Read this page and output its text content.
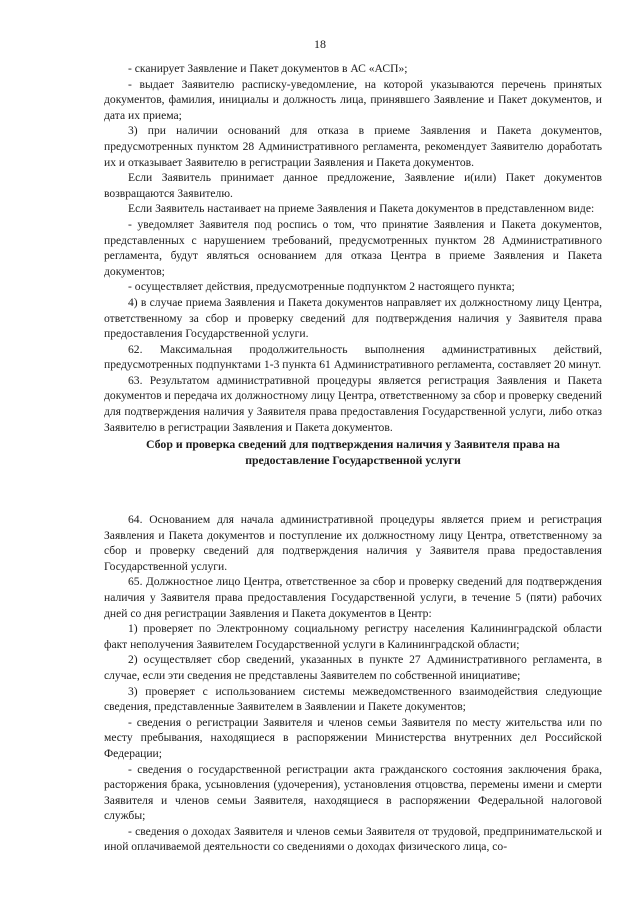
18

- сканирует Заявление и Пакет документов в АС «АСП»;

- выдает Заявителю расписку-уведомление, на которой указываются перечень принятых документов, фамилия, инициалы и должность лица, принявшего Заявление и Пакет документов, и дата их приема;

3) при наличии оснований для отказа в приеме Заявления и Пакета документов, предусмотренных пунктом 28 Административного регламента, рекомендует Заявителю доработать их и отказывает Заявителю в регистрации Заявления и Пакета документов.

Если Заявитель принимает данное предложение, Заявление и(или) Пакет документов возвращаются Заявителю.

Если Заявитель настаивает на приеме Заявления и Пакета документов в представленном виде:

- уведомляет Заявителя под роспись о том, что принятие Заявления и Пакета документов, представленных с нарушением требований, предусмотренных пунктом 28 Административного регламента, будут являться основанием для отказа Центра в приеме Заявления и Пакета документов;

- осуществляет действия, предусмотренные подпунктом 2 настоящего пункта;

4) в случае приема Заявления и Пакета документов направляет их должностному лицу Центра, ответственному за сбор и проверку сведений для подтверждения наличия у Заявителя права предоставления Государственной услуги.

62. Максимальная продолжительность выполнения административных действий, предусмотренных подпунктами 1-3 пункта 61 Административного регламента, составляет 20 минут.

63. Результатом административной процедуры является регистрация Заявления и Пакета документов и передача их должностному лицу Центра, ответственному за сбор и проверку сведений для подтверждения наличия у Заявителя права предоставления Государственной услуги, либо отказ Заявителю в регистрации Заявления и Пакета документов.

Сбор и проверка сведений для подтверждения наличия у Заявителя права на

предоставление Государственной услуги

64. Основанием для начала административной процедуры является прием и регистрация Заявления и Пакета документов и поступление их должностному лицу Центра, ответственному за сбор и проверку сведений для подтверждения наличия у Заявителя права предоставления Государственной услуги.

65. Должностное лицо Центра, ответственное за сбор и проверку сведений для подтверждения наличия у Заявителя права предоставления Государственной услуги, в течение 5 (пяти) рабочих дней со дня регистрации Заявления и Пакета документов в Центр:

1) проверяет по Электронному социальному регистру населения Калининградской области факт неполучения Заявителем Государственной услуги в Калининградской области;

2) осуществляет сбор сведений, указанных в пункте 27 Административного регламента, в случае, если эти сведения не представлены Заявителем по собственной инициативе;

3) проверяет с использованием системы межведомственного взаимодействия следующие сведения, представленные Заявителем в Заявлении и Пакете документов;

- сведения о регистрации Заявителя и членов семьи Заявителя по месту жительства или по месту пребывания, находящиеся в распоряжении Министерства внутренних дел Российской Федерации;

- сведения о государственной регистрации акта гражданского состояния заключения брака, расторжения брака, усыновления (удочерения), установления отцовства, перемены имени и смерти Заявителя и членов семьи Заявителя, находящиеся в распоряжении Федеральной налоговой службы;

- сведения о доходах Заявителя и членов семьи Заявителя от трудовой, предпринимательской и иной оплачиваемой деятельности со сведениями о доходах физического лица, со-
